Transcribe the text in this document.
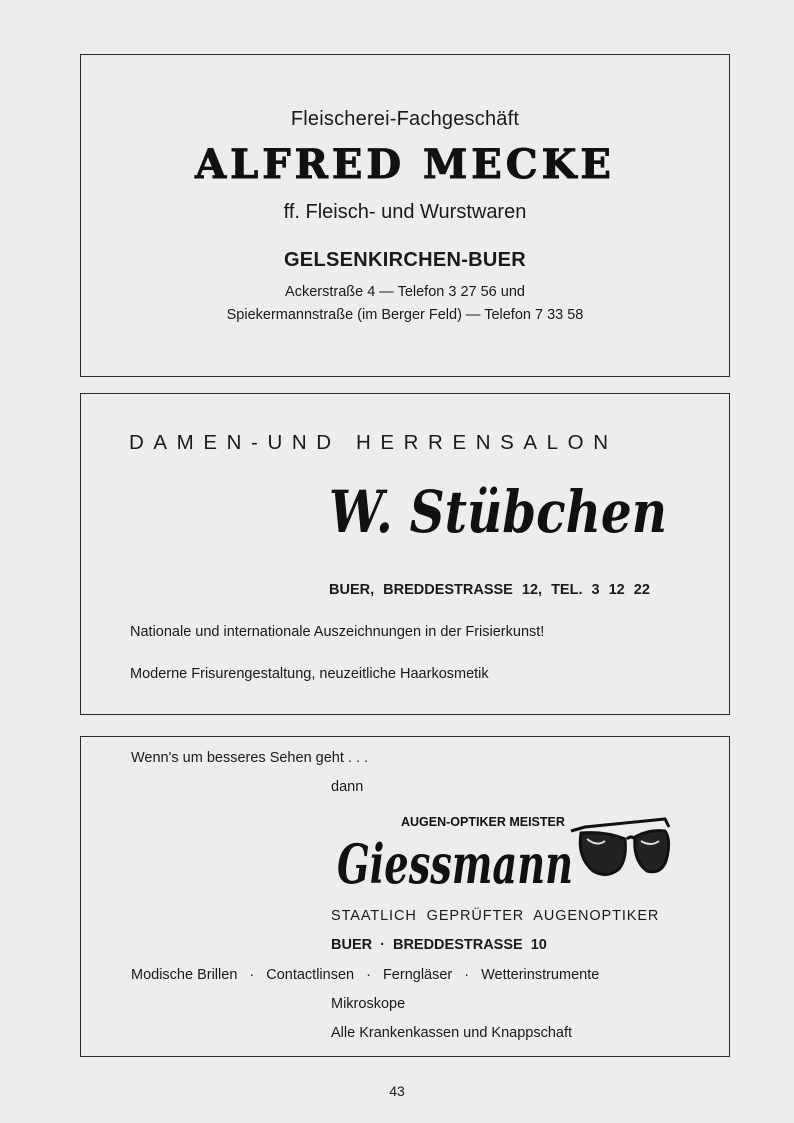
Fleischerei-Fachgeschäft
ALFRED MECKE
ff. Fleisch- und Wurstwaren
GELSENKIRCHEN-BUER
Ackerstraße 4 — Telefon 3 27 56 und
Spiekermannstraße (im Berger Feld) — Telefon 7 33 58
DAMEN-UND HERRENSALON
W. Stübchen
BUER, BREDDESTRASSE 12, TEL. 3 12 22
Nationale und internationale Auszeichnungen in der Frisierkunst!
Moderne Frisurengestaltung, neuzeitliche Haarkosmetik
Wenn's um besseres Sehen geht . . .
dann
AUGEN-OPTIKER MEISTER
Giessmann
STAATLICH GEPRÜFTER AUGENOPTIKER
BUER · BREDDESTRASSE 10
Modische Brillen · Contactlinsen · Ferngläser · Wetterinstrumente
Mikroskope
Alle Krankenkassen und Knappschaft
43
